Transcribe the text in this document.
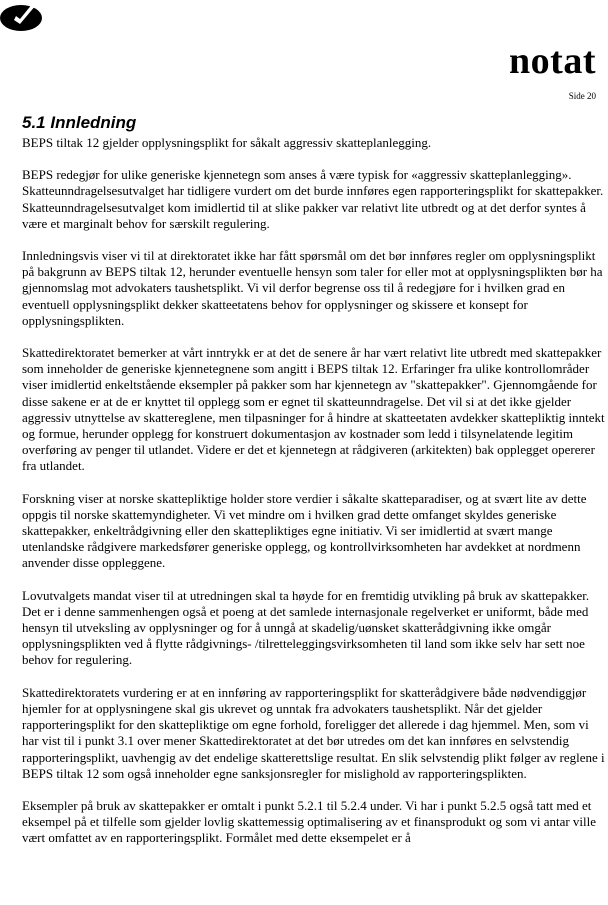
notat
Side 20
5.1 Innledning

BEPS tiltak 12 gjelder opplysningsplikt for såkalt aggressiv skatteplanlegging.

BEPS redegjør for ulike generiske kjennetegn som anses å være typisk for «aggressiv skatteplanlegging». Skatteunndragelsesutvalget har tidligere vurdert om det burde innføres egen rapporteringsplikt for skattepakker. Skatteunndragelsesutvalget kom imidlertid til at slike pakker var relativt lite utbredt og at det derfor syntes å være et marginalt behov for særskilt regulering.

Innledningsvis viser vi til at direktoratet ikke har fått spørsmål om det bør innføres regler om opplysningsplikt på bakgrunn av BEPS tiltak 12, herunder eventuelle hensyn som taler for eller mot at opplysningsplikten bør ha gjennomslag mot advokaters taushetsplikt. Vi vil derfor begrense oss til å redegjøre for i hvilken grad en eventuell opplysningsplikt dekker skatteetatens behov for opplysninger og skissere et konsept for opplysningsplikten.

Skattedirektoratet bemerker at vårt inntrykk er at det de senere år har vært relativt lite utbredt med skattepakker som inneholder de generiske kjennetegnene som angitt i BEPS tiltak 12. Erfaringer fra ulike kontrollområder viser imidlertid enkeltstående eksempler på pakker som har kjennetegn av "skattepakker". Gjennomgående for disse sakene er at de er knyttet til opplegg som er egnet til skatteunndragelse. Det vil si at det ikke gjelder aggressiv utnyttelse av skattereglene, men tilpasninger for å hindre at skatteetaten avdekker skattepliktig inntekt og formue, herunder opplegg for konstruert dokumentasjon av kostnader som ledd i tilsynelatende legitim overføring av penger til utlandet. Videre er det et kjennetegn at rådgiveren (arkitekten) bak opplegget opererer fra utlandet.

Forskning viser at norske skattepliktige holder store verdier i såkalte skatteparadiser, og at svært lite av dette oppgis til norske skattemyndigheter. Vi vet mindre om i hvilken grad dette omfanget skyldes generiske skattepakker, enkeltrådgivning eller den skattepliktiges egne initiativ. Vi ser imidlertid at svært mange utenlandske rådgivere markedsfører generiske opplegg, og kontrollvirksomheten har avdekket at nordmenn anvender disse oppleggene.

Lovutvalgets mandat viser til at utredningen skal ta høyde for en fremtidig utvikling på bruk av skattepakker. Det er i denne sammenhengen også et poeng at det samlede internasjonale regelverket er uniformt, både med hensyn til utveksling av opplysninger og for å unngå at skadelig/uønsket skatterådgivning ikke omgår opplysningsplikten ved å flytte rådgivnings- /tilretteleggingsvirksomheten til land som ikke selv har sett noe behov for regulering.

Skattedirektoratets vurdering er at en innføring av rapporteringsplikt for skatterådgivere både nødvendiggjør hjemler for at opplysningene skal gis ukrevet og unntak fra advokaters taushetsplikt. Når det gjelder rapporteringsplikt for den skattepliktige om egne forhold, foreligger det allerede i dag hjemmel. Men, som vi har vist til i punkt 3.1 over mener Skattedirektoratet at det bør utredes om det kan innføres en selvstendig rapporteringsplikt, uavhengig av det endelige skatterettslige resultat. En slik selvstendig plikt følger av reglene i BEPS tiltak 12 som også inneholder egne sanksjonsregler for mislighold av rapporteringsplikten.

Eksempler på bruk av skattepakker er omtalt i punkt 5.2.1 til 5.2.4 under. Vi har i punkt 5.2.5 også tatt med et eksempel på et tilfelle som gjelder lovlig skattemessig optimalisering av et finansprodukt og som vi antar ville vært omfattet av en rapporteringsplikt. Formålet med dette eksempelet er å
